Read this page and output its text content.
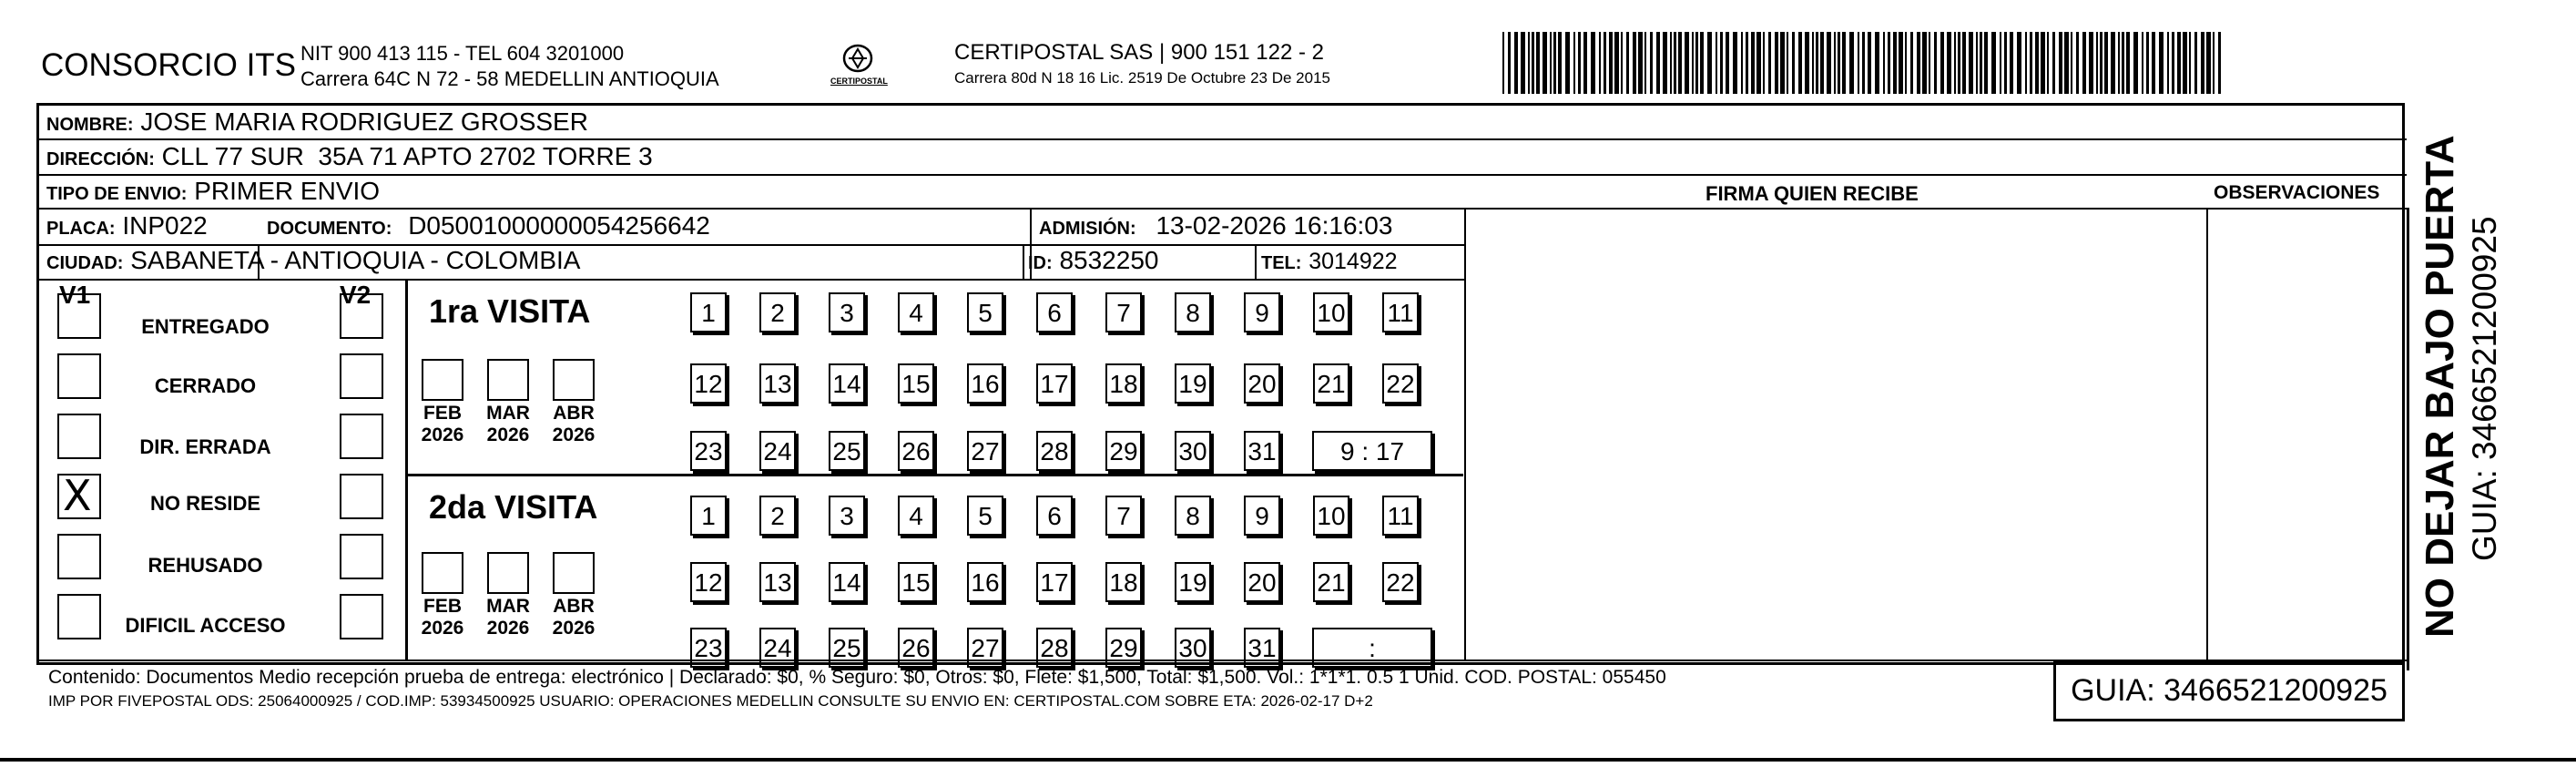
CONSORCIO ITS NIT 900 413 115 - TEL 604 3201000
Carrera 64C N 72 - 58 MEDELLIN ANTIOQUIA	CERTIPOSTAL
CERTIPOSTAL SAS | 900 151 122 - 2
Carrera 80d N 18 16 Lic. 2519 De Octubre 23 De 2015
NOMBRE: JOSE MARIA RODRIGUEZ GROSSER
DIRECCIÓN: CLL 77 SUR  35A 71 APTO 2702 TORRE 3
TIPO DE ENVIO: PRIMER ENVIO	FIRMA QUIEN RECIBE	OBSERVACIONES
PLACA: INP022	DOCUMENTO: D05001000000054256642	ADMISIÓN: 13-02-2026 16:16:03
CIUDAD: SABANETA - ANTIOQUIA - COLOMBIA	ID: 8532250	TEL: 3014922
V1	V2
ENTREGADO
CERRADO
DIR. ERRADA
X	NO RESIDE
REHUSADO
DIFICIL ACCESO
1ra VISITA
2da VISITA
FEB
2026
MAR
2026
ABR
2026
FEB
2026
MAR
2026
ABR
2026
1	2	3	4	5	6	7	8	9	10 11
12 13 14 15 16 17 18 19 20 21 22
23 24 25 26 27 28 29 30 31	9 : 17
1	2	3	4	5	6	7	8	9	10 11
12 13 14 15 16 17 18 19 20 21 22
23 24 25 26 27 28 29 30 31	:
Contenido: Documentos Medio recepción prueba de entrega: electrónico | Declarado: $0, % Seguro: $0, Otros: $0, Flete: $1,500, Total: $1,500. Vol.: 1*1*1. 0.5 1 Unid. COD. POSTAL: 055450
IMP POR FIVEPOSTAL ODS: 25064000925 / COD.IMP: 53934500925 USUARIO: OPERACIONES MEDELLIN CONSULTE SU ENVIO EN: CERTIPOSTAL.COM SOBRE ETA: 2026-02-17 D+2	GUIA: 3466521200925
NO DEJAR BAJO PUERTA GUIA: 3466521200925
